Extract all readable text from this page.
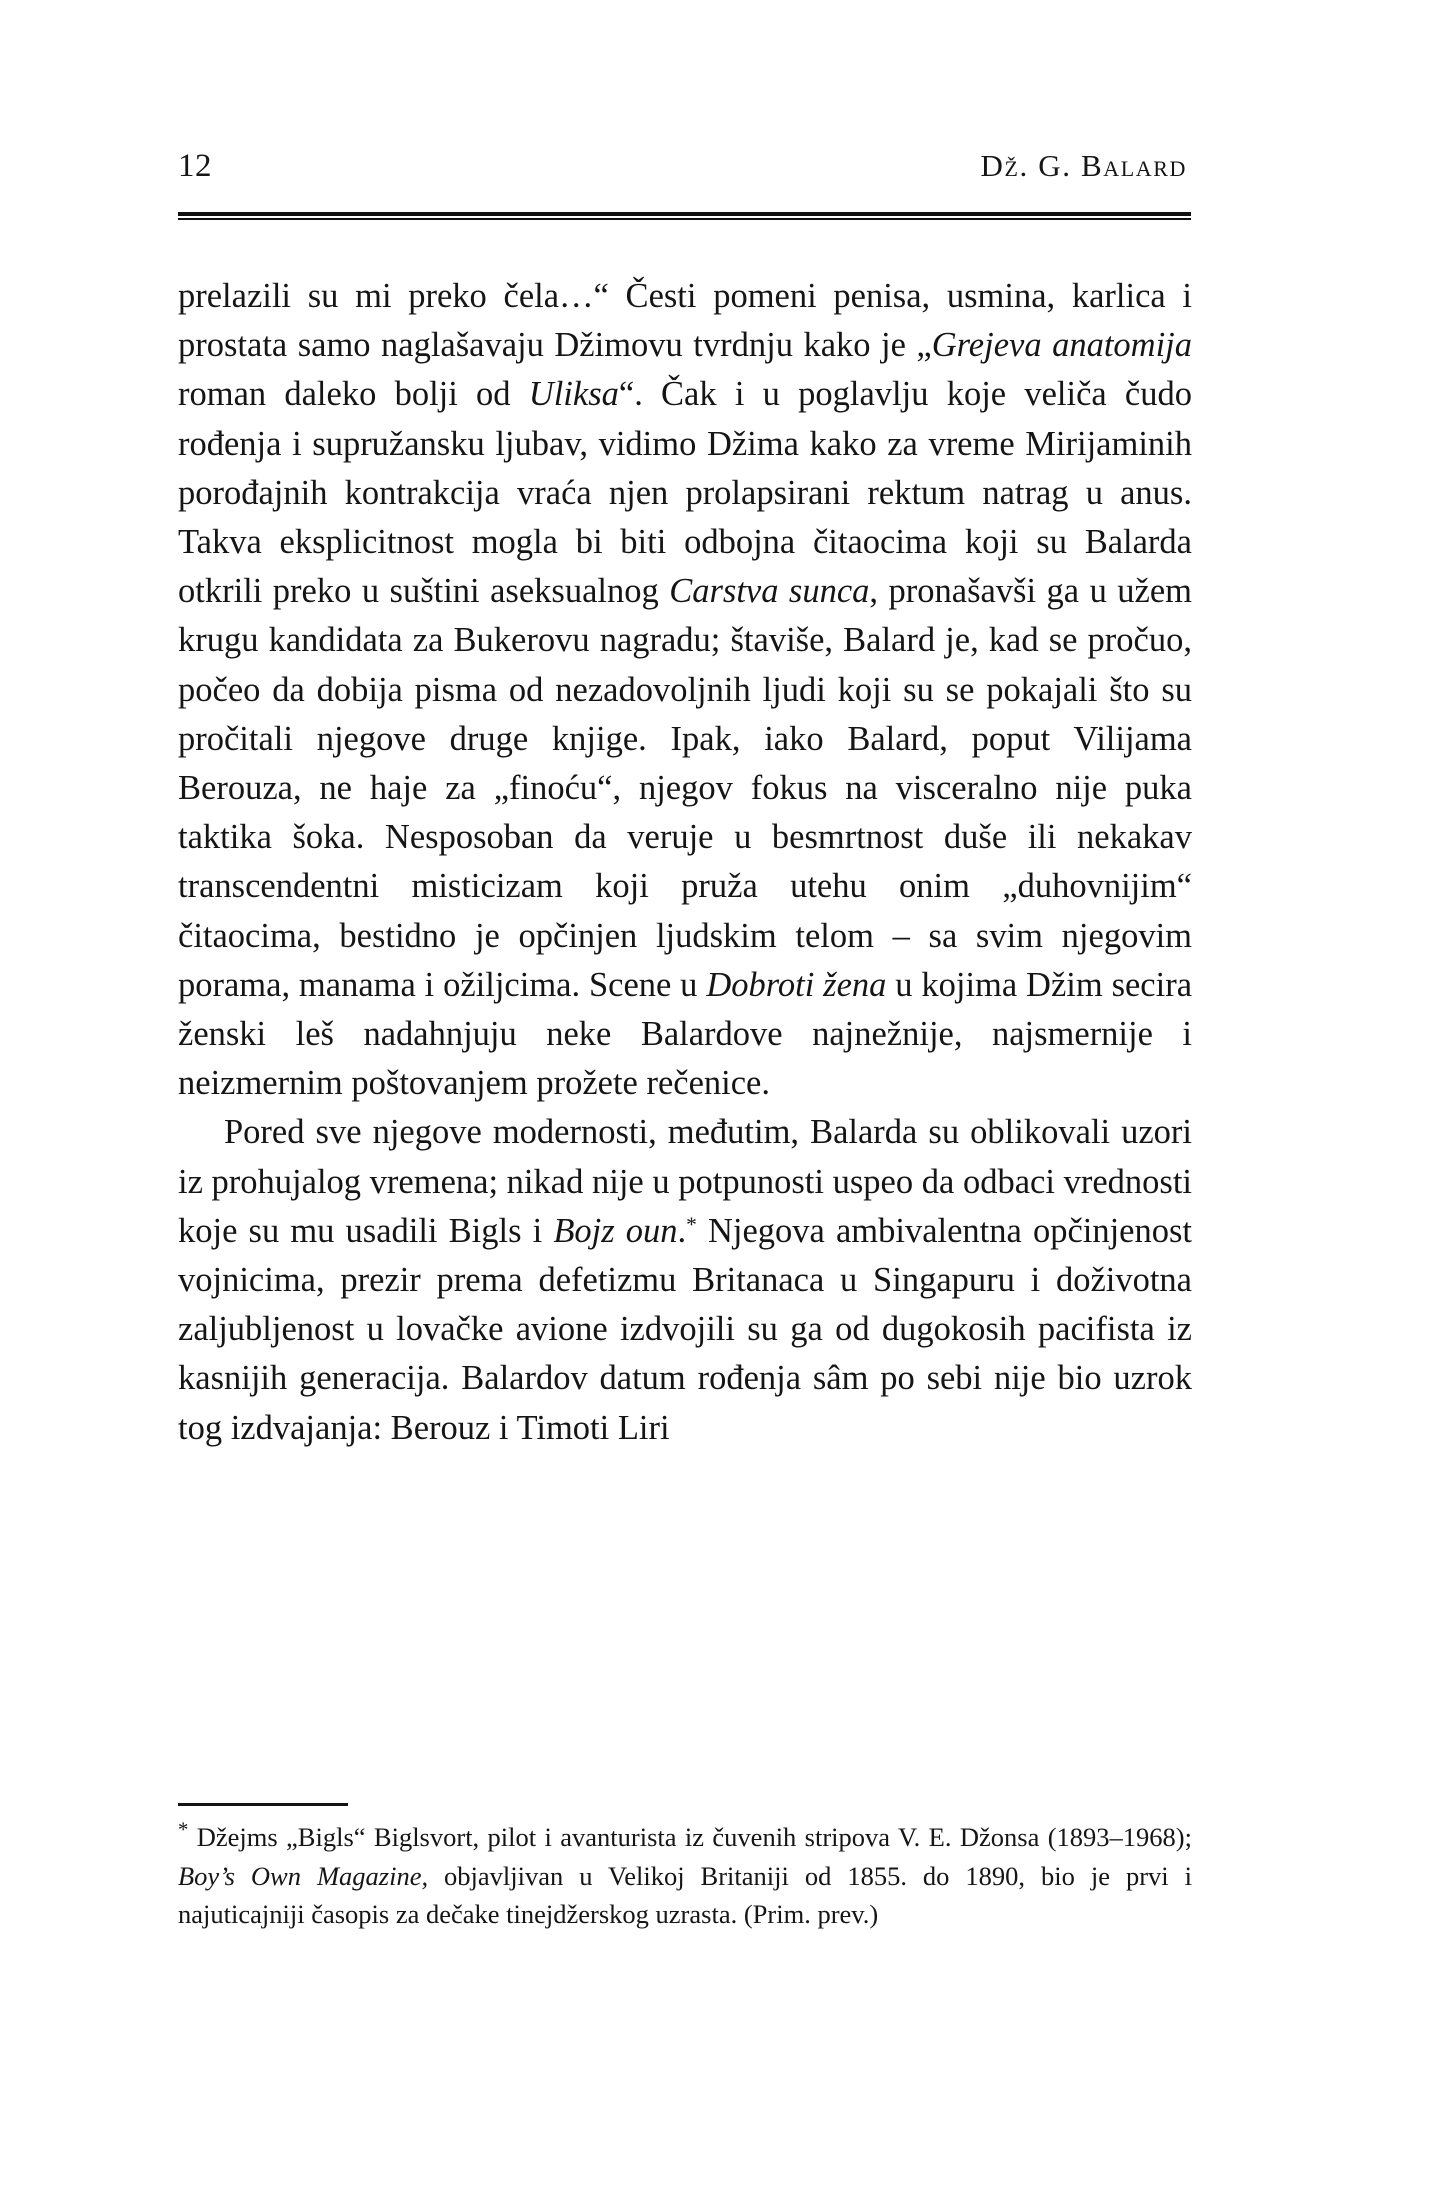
12	Dž. G. Balard

prelazili su mi preko čela…“ Česti pomeni penisa, usmina, karlica i prostata samo naglašavaju Džimovu tvrdnju kako je „Grejeva anatomija roman daleko bolji od Uliksa“. Čak i u poglavlju koje veliča čudo rođenja i supružansku ljubav, vidimo Džima kako za vreme Mirijaminih porođajnih kontrakcija vraća njen prolapsirani rektum natrag u anus. Takva eksplicitnost mogla bi biti odbojna čitaocima koji su Balarda otkrili preko u suštini aseksualnog Carstva sunca, pronašavši ga u užem krugu kandidata za Bukerovu nagradu; štaviše, Balard je, kad se pročuo, počeo da dobija pisma od nezadovoljnih ljudi koji su se pokajali što su pročitali njegove druge knjige. Ipak, iako Balard, poput Vilijama Berouza, ne haje za „finoću“, njegov fokus na visceralno nije puka taktika šoka. Nesposoban da veruje u besmrtnost duše ili nekakav transcendentni misticizam koji pruža utehu onim „duhovnijim“ čitaocima, bestidno je opčinjen ljudskim telom – sa svim njegovim porama, manama i ožiljcima. Scene u Dobroti žena u kojima Džim secira ženski leš nadahnjuju neke Balardove najnežnije, najsmernije i neizmernim poštovanjem prožete rečenice.

Pored sve njegove modernosti, međutim, Balarda su oblikovali uzori iz prohujalog vremena; nikad nije u potpunosti uspeo da odbaci vrednosti koje su mu usadili Bigls i Bojz oun.* Njegova ambivalentna opčinjenost vojnicima, prezir prema defetizmu Britanaca u Singapuru i doživotna zaljubljenost u lovačke avione izdvojili su ga od dugokosih pacifista iz kasnijih generacija. Balardov datum rođenja sâm po sebi nije bio uzrok tog izdvajanja: Berouz i Timoti Liri

* Džejms „Bigls“ Biglsvort, pilot i avanturista iz čuvenih stripova V. E. Džonsa (1893–1968); Boy’s Own Magazine, objavljivan u Velikoj Britaniji od 1855. do 1890, bio je prvi i najuticajniji časopis za dečake tinejdžerskog uzrasta. (Prim. prev.)
